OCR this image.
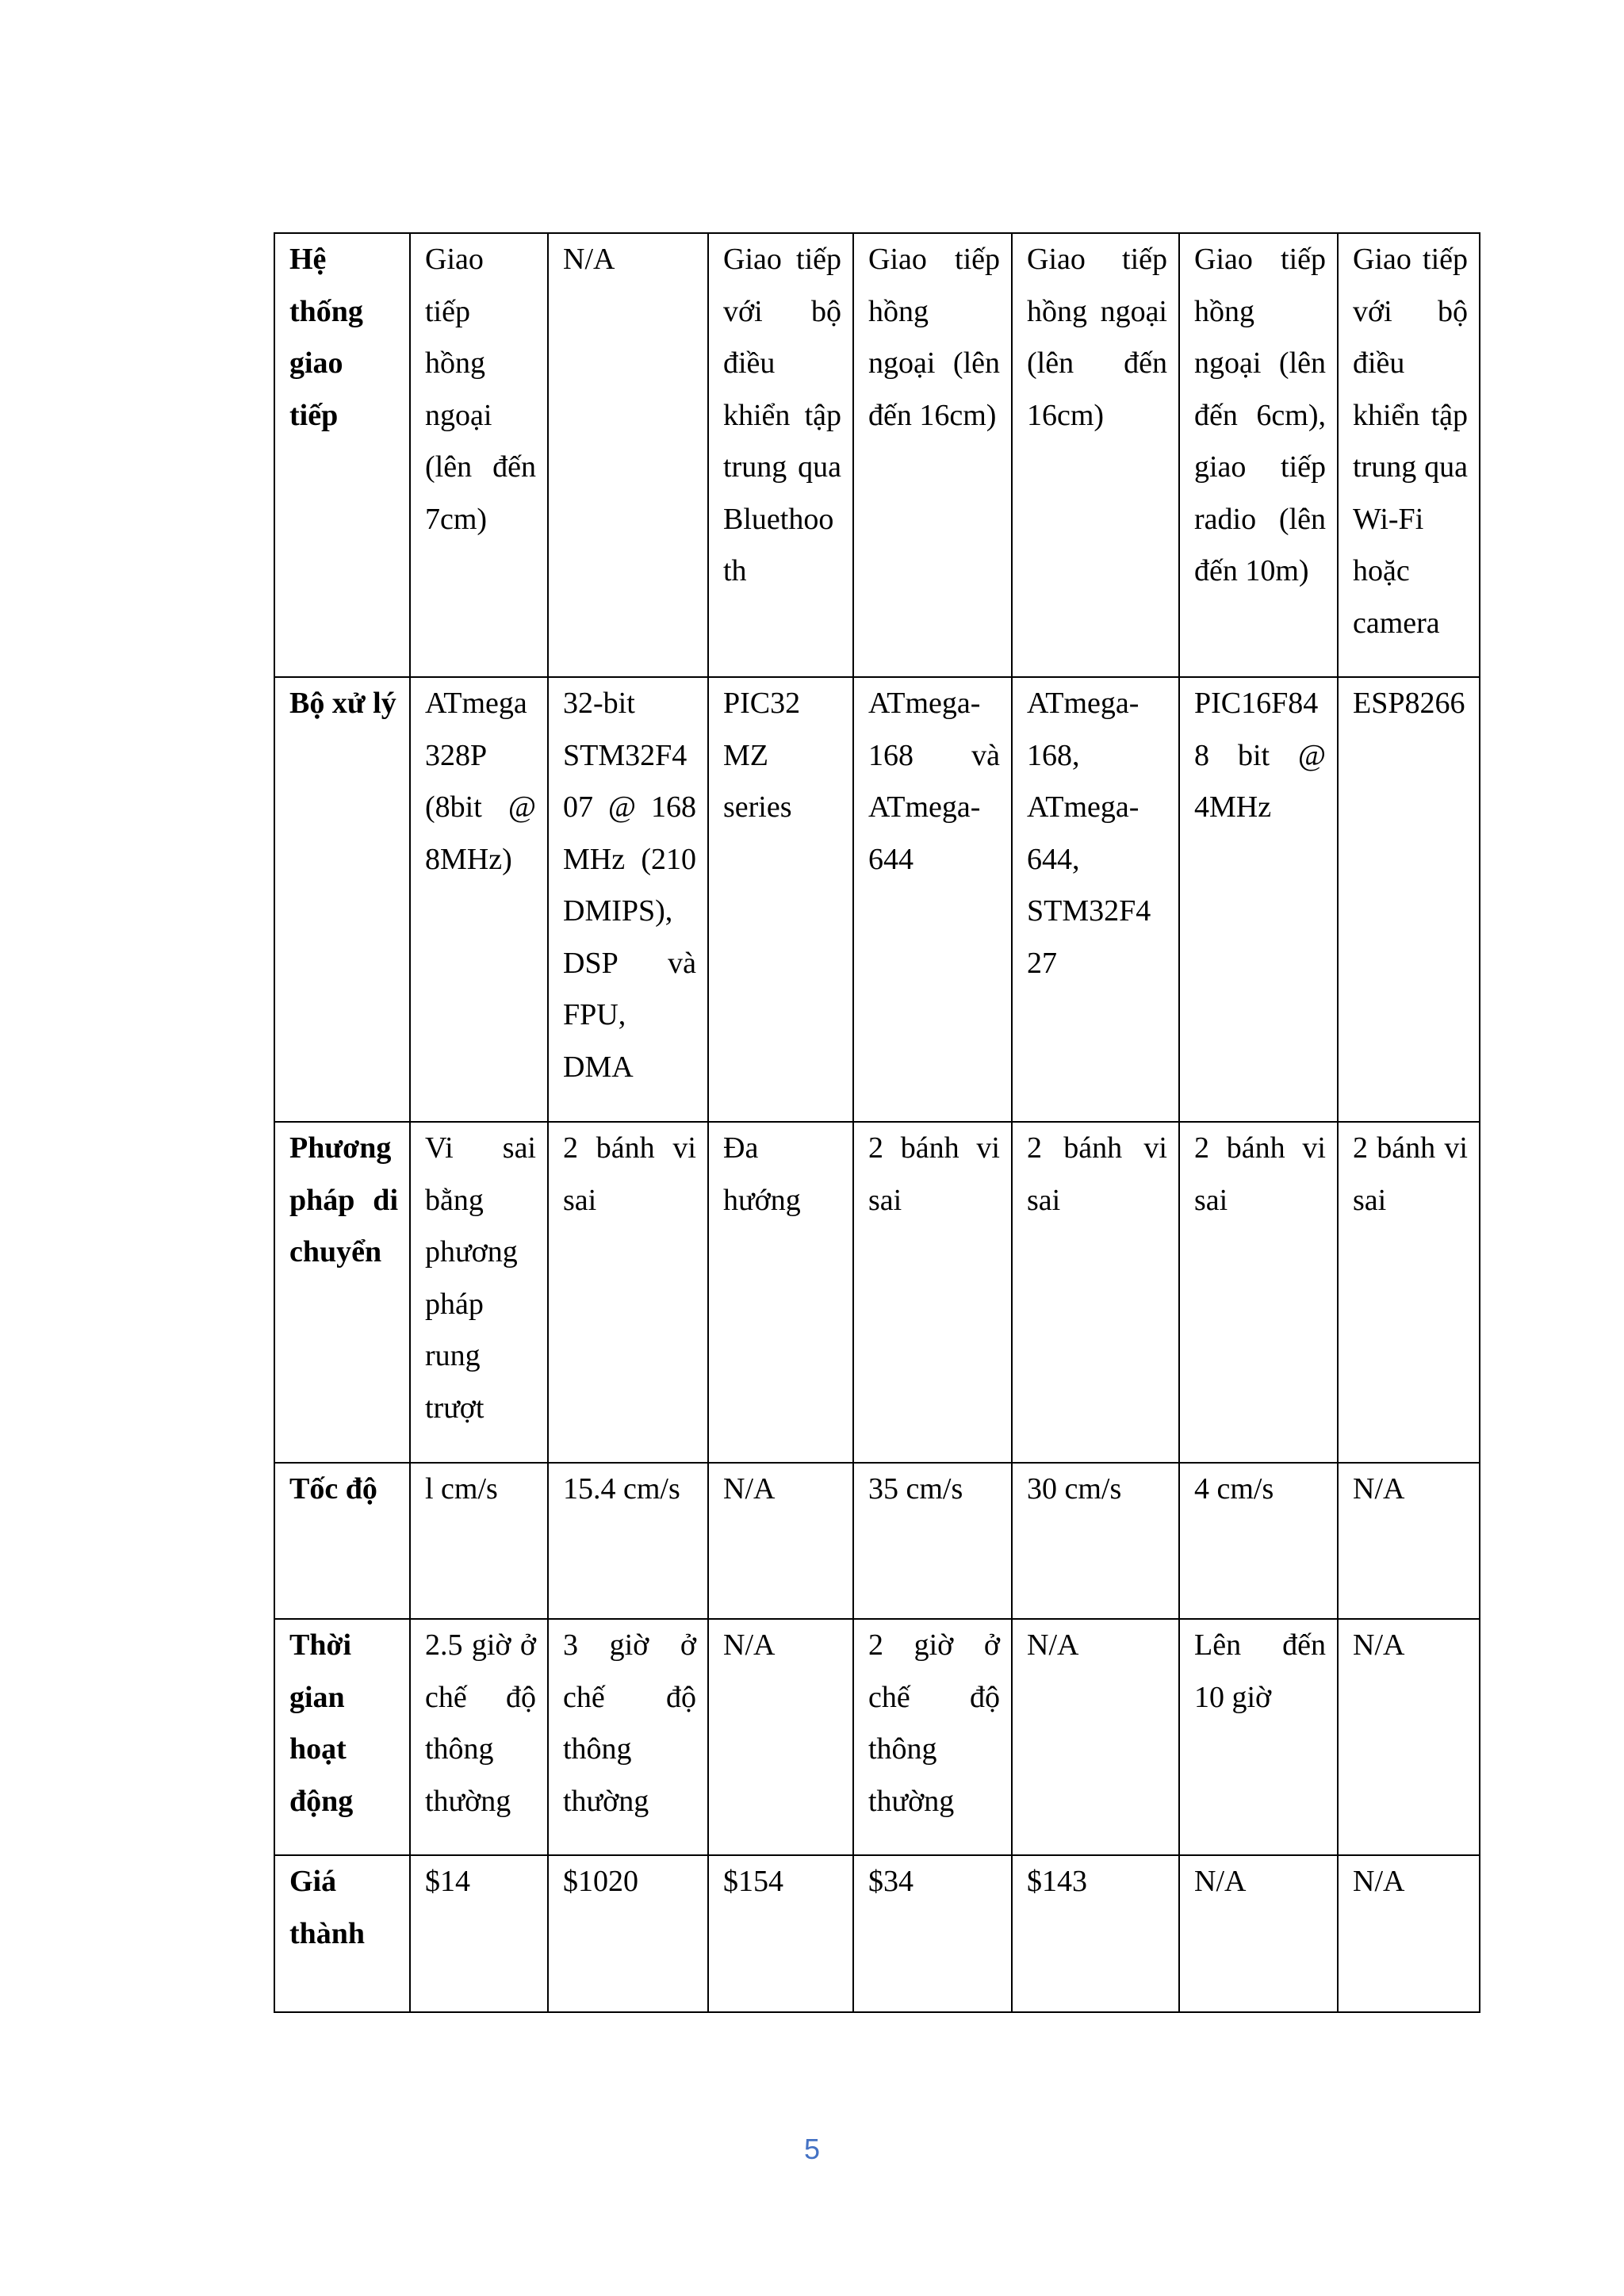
Hệ thống giao tiếp	Giao tiếp hồng ngoại (lên đến 7cm)	N/A	Giao tiếp với bộ điều khiển tập trung qua Bluethoo th	Giao tiếp hồng ngoại (lên đến 16cm)	Giao tiếp hồng ngoại (lên đến 16cm)	Giao tiếp hồng ngoại (lên đến 6cm), giao tiếp radio (lên đến 10m)	Giao tiếp với bộ điều khiển tập trung qua Wi-Fi hoặc camera
Bộ xử lý	ATmega 328P (8bit @ 8MHz)	32-bit STM32F4 07 @ 168 MHz (210 DMIPS), DSP và FPU, DMA	PIC32 MZ series	ATmega-168 và ATmega-644	ATmega-168, ATmega-644, STM32F4 27	PIC16F84 8 bit @ 4MHz	ESP8266
Phương pháp di chuyển	Vi sai bằng phương pháp rung trượt	2 bánh vi sai	Đa hướng	2 bánh vi sai	2 bánh vi sai	2 bánh vi sai	2 bánh vi sai
Tốc độ	l cm/s	15.4 cm/s	N/A	35 cm/s	30 cm/s	4 cm/s	N/A
Thời gian hoạt động	2.5 giờ ở chế độ thông thường	3 giờ ở chế độ thông thường	N/A	2 giờ ở chế độ thông thường	N/A	Lên đến 10 giờ	N/A
Giá thành	$14	$1020	$154	$34	$143	N/A	N/A
5
